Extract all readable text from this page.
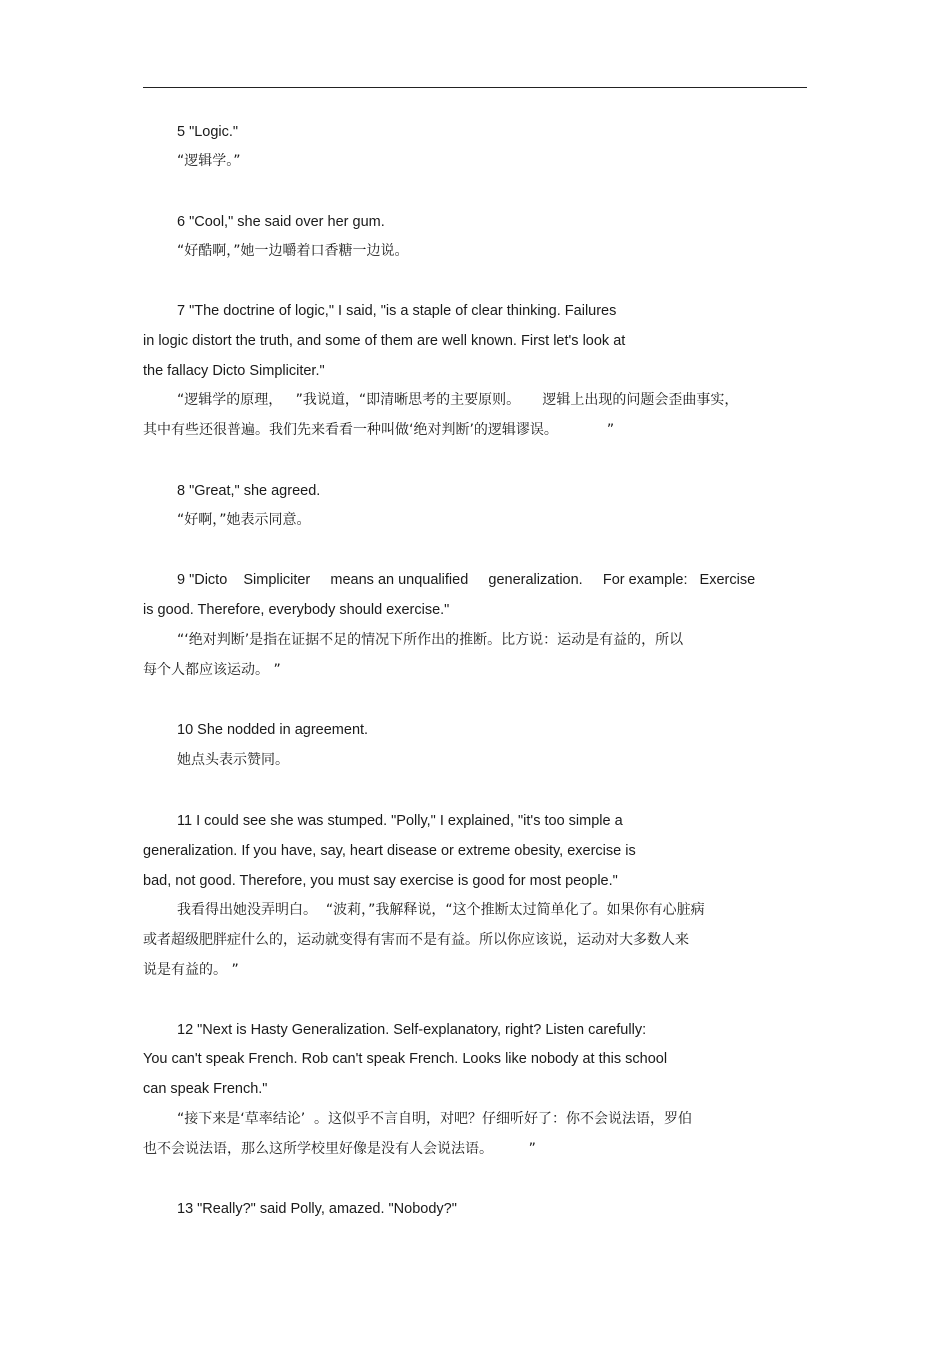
5 "Logic."
“逻辑学。”
6 "Cool," she said over her gum.
“好酷啊，”她一边嚼着口香糖一边说。
7 "The doctrine of logic," I said, "is a staple of clear thinking. Failures
in logic distort the truth, and some of them are well known. First let's look at
the fallacy Dicto Simpliciter."
“逻辑学的原理，   ”我说道，“即清晰思考的主要原则。     逻辑上出现的问题会歪曲事实，
其中有些还很普遍。我们先来看看一种叫做‘绝对判断’的逻辑谬误。           ”
8 "Great," she agreed.
“好啊，”她表示同意。
9 "Dicto    Simpliciter     means an unqualified     generalization.     For example:   Exercise
is good. Therefore, everybody should exercise."
“‘绝对判断’是指在证据不足的情况下所作出的推断。比方说：运动是有益的，所以
每个人都应该运动。 ”
10 She nodded in agreement.
她点头表示赞同。
11 I could see she was stumped. "Polly," I explained, "it's too simple a
generalization. If you have, say, heart disease or extreme obesity, exercise is
bad, not good. Therefore, you must say exercise is good for most people."
我看得出她没弄明白。  “波莉，”我解释说，“这个推断太过简单化了。如果你有心脏病
或者超级肥胖症什么的，运动就变得有害而不是有益。所以你应该说，运动对大多数人来
说是有益的。 ”
12 "Next is Hasty Generalization. Self-explanatory, right? Listen carefully:
You can't speak French. Rob can't speak French. Looks like nobody at this school
can speak French."
“接下来是‘草率结论’  。这似乎不言自明，对吧？仔细听好了：你不会说法语，罗伯
也不会说法语，那么这所学校里好像是没有人会说法语。        ”
13 "Really?" said Polly, amazed. "Nobody?"
